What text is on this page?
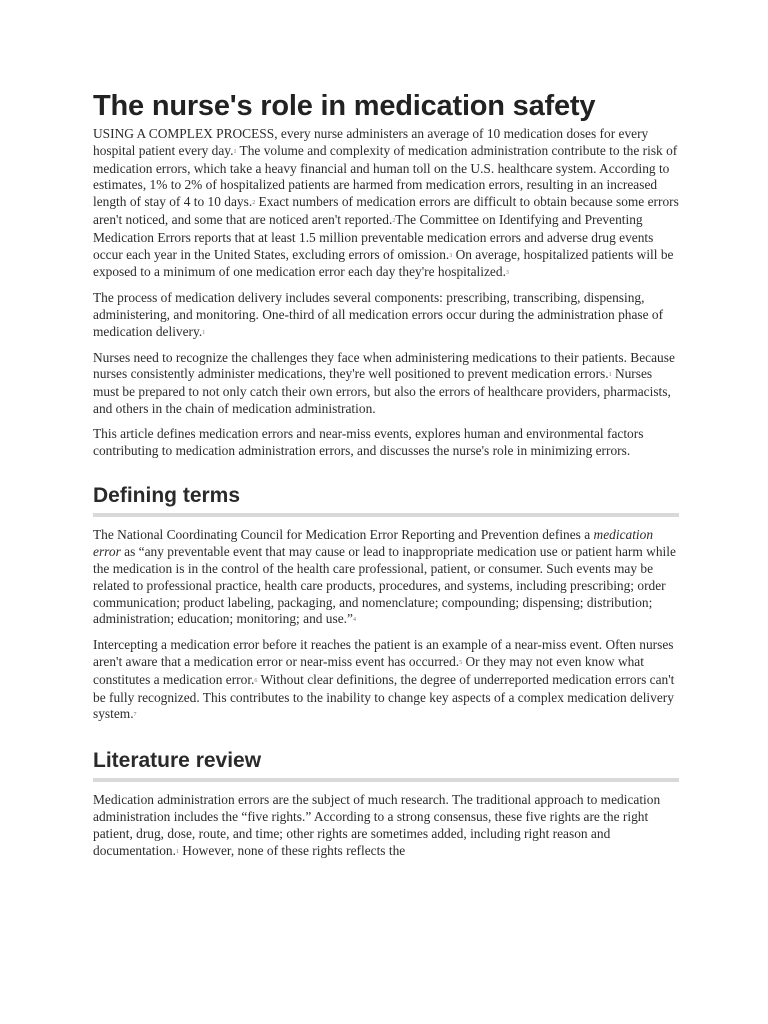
The nurse's role in medication safety

USING A COMPLEX PROCESS, every nurse administers an average of 10 medication doses for every hospital patient every day.1 The volume and complexity of medication administration contribute to the risk of medication errors, which take a heavy financial and human toll on the U.S. healthcare system. According to estimates, 1% to 2% of hospitalized patients are harmed from medication errors, resulting in an increased length of stay of 4 to 10 days.2 Exact numbers of medication errors are difficult to obtain because some errors aren't noticed, and some that are noticed aren't reported.2The Committee on Identifying and Preventing Medication Errors reports that at least 1.5 million preventable medication errors and adverse drug events occur each year in the United States, excluding errors of omission.3 On average, hospitalized patients will be exposed to a minimum of one medication error each day they're hospitalized.3

The process of medication delivery includes several components: prescribing, transcribing, dispensing, administering, and monitoring. One-third of all medication errors occur during the administration phase of medication delivery.1

Nurses need to recognize the challenges they face when administering medications to their patients. Because nurses consistently administer medications, they're well positioned to prevent medication errors.1 Nurses must be prepared to not only catch their own errors, but also the errors of healthcare providers, pharmacists, and others in the chain of medication administration.

This article defines medication errors and near-miss events, explores human and environmental factors contributing to medication administration errors, and discusses the nurse's role in minimizing errors.

Defining terms

The National Coordinating Council for Medication Error Reporting and Prevention defines a medication error as “any preventable event that may cause or lead to inappropriate medication use or patient harm while the medication is in the control of the health care professional, patient, or consumer. Such events may be related to professional practice, health care products, procedures, and systems, including prescribing; order communication; product labeling, packaging, and nomenclature; compounding; dispensing; distribution; administration; education; monitoring; and use.”4

Intercepting a medication error before it reaches the patient is an example of a near-miss event. Often nurses aren't aware that a medication error or near-miss event has occurred.5 Or they may not even know what constitutes a medication error.6 Without clear definitions, the degree of underreported medication errors can't be fully recognized. This contributes to the inability to change key aspects of a complex medication delivery system.7

Literature review

Medication administration errors are the subject of much research. The traditional approach to medication administration includes the “five rights.” According to a strong consensus, these five rights are the right patient, drug, dose, route, and time; other rights are sometimes added, including right reason and documentation.1 However, none of these rights reflects the
